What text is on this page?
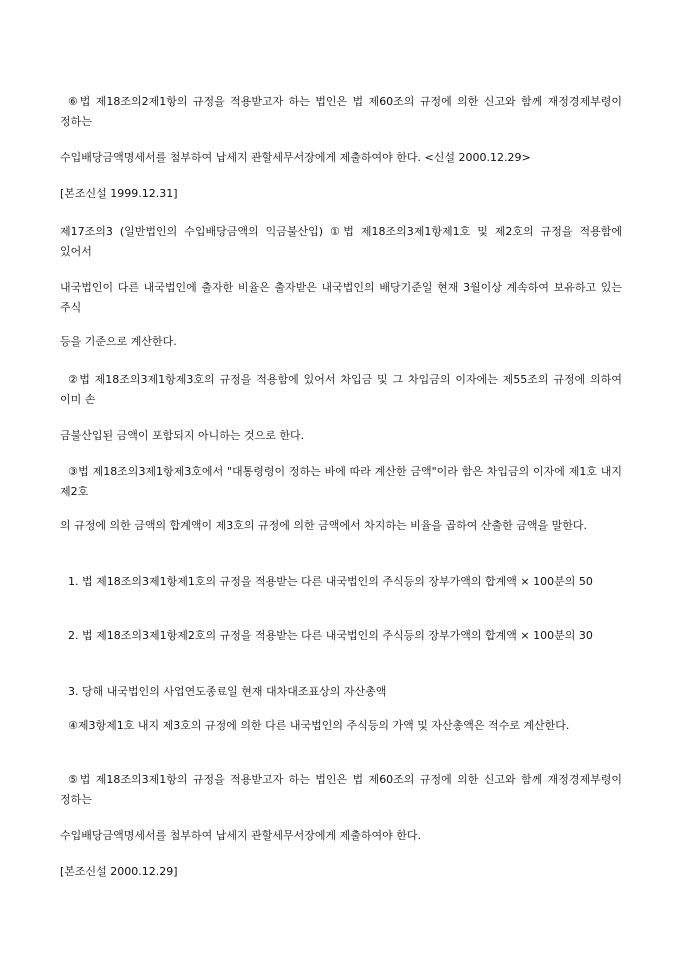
⑥법 제18조의2제1항의 규정을 적용받고자 하는 법인은 법 제60조의 규정에 의한 신고와 함께 재정경제부령이 정하는

수입배당금액명세서를 첨부하여 납세지 관할세무서장에게 제출하여야 한다. <신설 2000.12.29>

[본조신설 1999.12.31]

제17조의3 (일반법인의 수입배당금액의 익금불산입) ①법 제18조의3제1항제1호 및 제2호의 규정을 적용함에 있어서

내국법인이 다른 내국법인에 출자한 비율은 출자받은 내국법인의 배당기준일 현재 3월이상 계속하여 보유하고 있는 주식

등을 기준으로 계산한다.

②법 제18조의3제1항제3호의 규정을 적용함에 있어서 차입금 및 그 차입금의 이자에는 제55조의 규정에 의하여 이미 손

금불산입된 금액이 포함되지 아니하는 것으로 한다.

③법 제18조의3제1항제3호에서 "대통령령이 정하는 바에 따라 계산한 금액"이라 함은 차입금의 이자에 제1호 내지 제2호

의 규정에 의한 금액의 합계액이 제3호의 규정에 의한 금액에서 차지하는 비율을 곱하여 산출한 금액을 말한다.

1. 법 제18조의3제1항제1호의 규정을 적용받는 다른 내국법인의 주식등의 장부가액의 합계액 × 100분의 50

2. 법 제18조의3제1항제2호의 규정을 적용받는 다른 내국법인의 주식등의 장부가액의 합계액 × 100분의 30

3. 당해 내국법인의 사업연도종료일 현재 대차대조표상의 자산총액

④제3항제1호 내지 제3호의 규정에 의한 다른 내국법인의 주식등의 가액 및 자산총액은 적수로 계산한다.

⑤법 제18조의3제1항의 규정을 적용받고자 하는 법인은 법 제60조의 규정에 의한 신고와 함께 재정경제부령이 정하는

수입배당금액명세서를 첨부하여 납세지 관할세무서장에게 제출하여야 한다.

[본조신설 2000.12.29]
